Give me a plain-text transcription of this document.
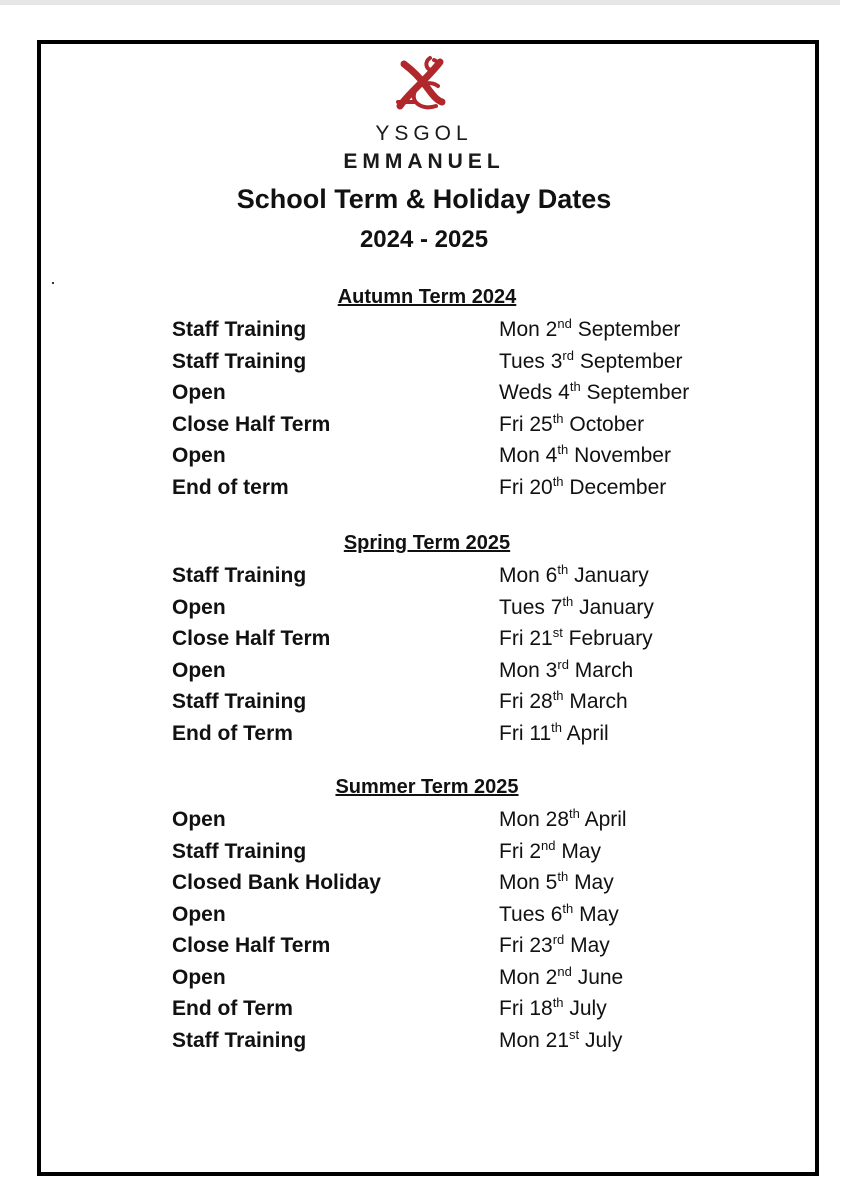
YSGOL
EMMANUEL
School Term & Holiday Dates
2024 - 2025
Autumn Term 2024
Staff Training	Mon 2nd September
Staff Training	Tues 3rd September
Open	Weds 4th September
Close Half Term	Fri 25th October
Open	Mon 4th November
End of term	Fri 20th December
Spring Term 2025
Staff Training	Mon 6th January
Open	Tues 7th January
Close Half Term	Fri 21st February
Open	Mon 3rd March
Staff Training	Fri 28th March
End of Term	Fri 11th April
Summer Term 2025
Open	Mon 28th April
Staff Training	Fri 2nd May
Closed Bank Holiday	Mon 5th May
Open	Tues 6th May
Close Half Term	Fri 23rd May
Open	Mon 2nd June
End of Term	Fri 18th July
Staff Training	Mon 21st July
